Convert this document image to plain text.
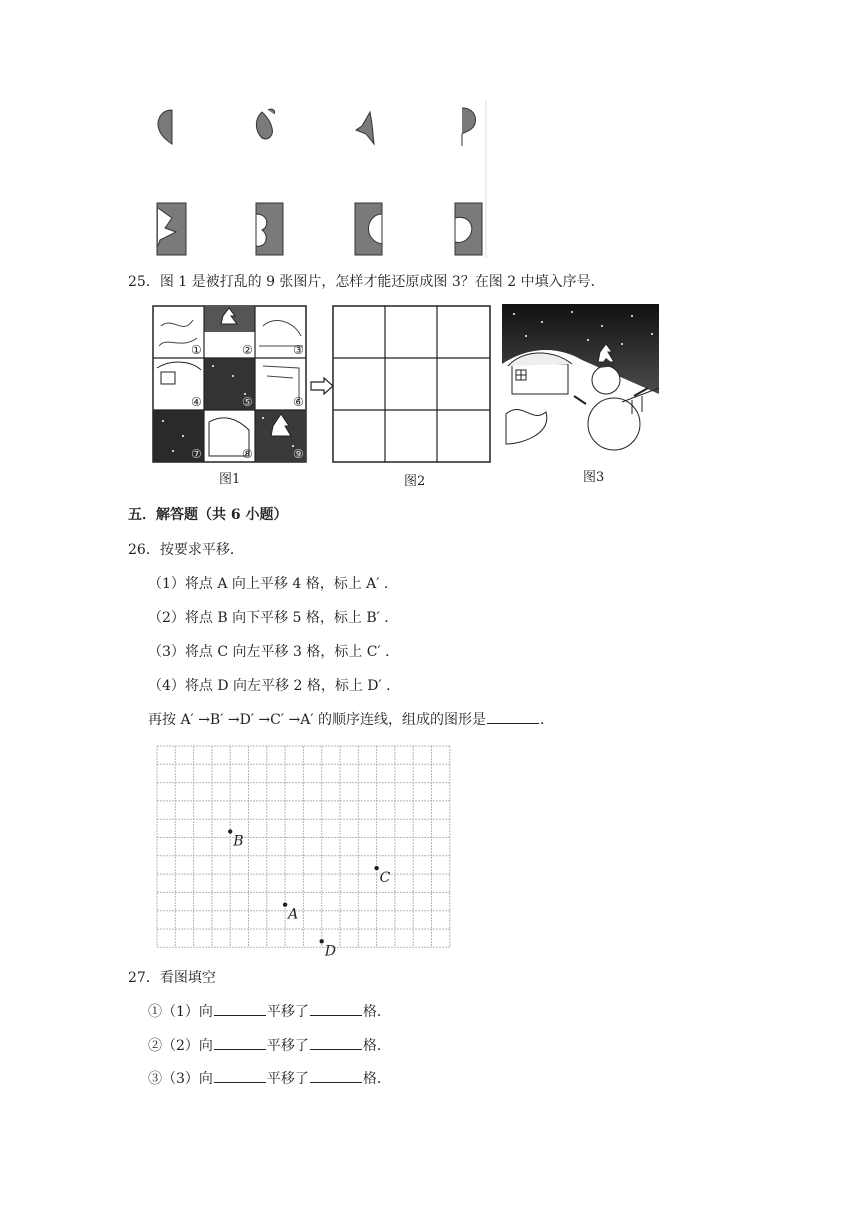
25．图 1 是被打乱的 9 张图片，怎样才能还原成图 3？在图 2 中填入序号．
①	②	③
④	⑤	⑥
⑦	⑧	⑨
图1	图2	图3
五．解答题（共 6 小题）
26．按要求平移．
（1）将点 A 向上平移 4 格，标上 A′ ．
（2）将点 B 向下平移 5 格，标上 B′ ．
（3）将点 C 向左平移 3 格，标上 C′ ．
（4）将点 D 向左平移 2 格，标上 D′ ．
再按 A′ →B′ →D′ →C′ →A′ 的顺序连线，组成的图形是	．
B
C
A
D
27．看图填空
①（1）向	平移了	格．
②（2）向	平移了	格．
③（3）向	平移了	格．
